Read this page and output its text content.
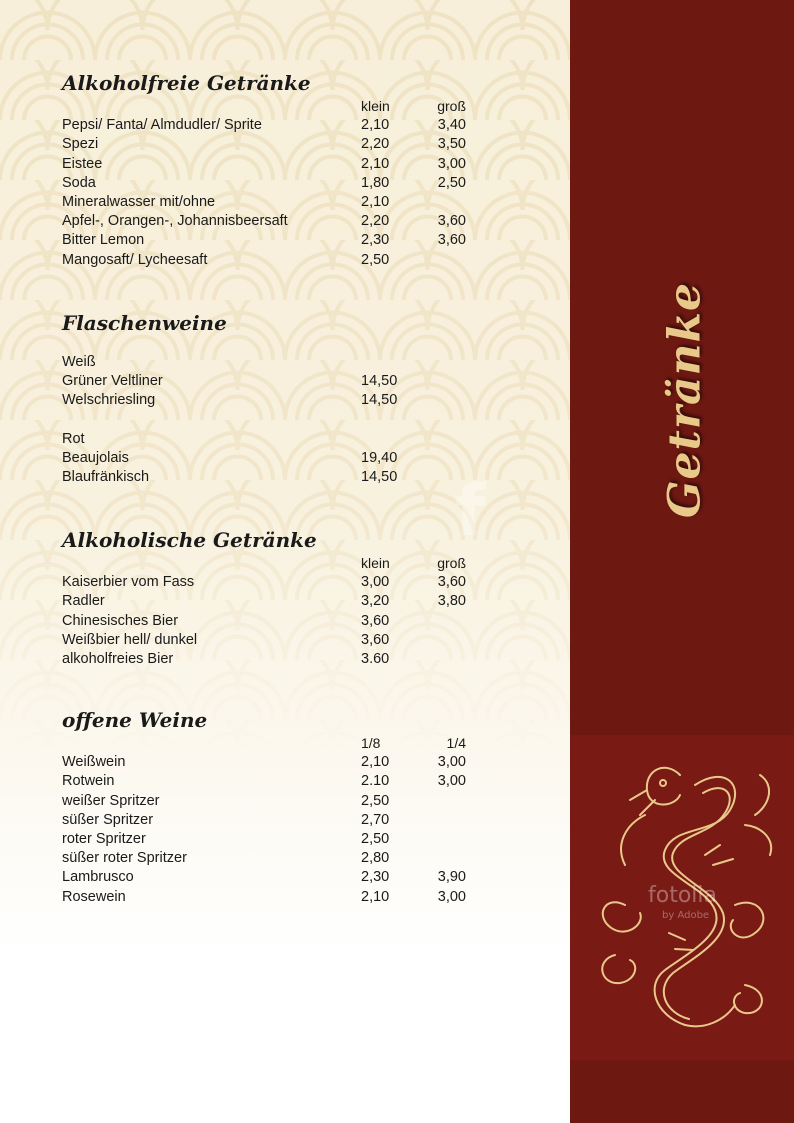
f	Getränke
fotolia
by Adobe
Alkoholfreie Getränke
klein	groß
Pepsi/ Fanta/ Almdudler/ Sprite	2,10	3,40
Spezi	2,20	3,50
Eistee	2,10	3,00
Soda	1,80	2,50
Mineralwasser mit/ohne	2,10
Apfel-, Orangen-, Johannisbeersaft	2,20	3,60
Bitter Lemon	2,30	3,60
Mangosaft/ Lycheesaft	2,50
Flaschenweine
Weiß
Grüner Veltliner	14,50
Welschriesling	14,50
Rot
Beaujolais	19,40
Blaufränkisch	14,50
Alkoholische Getränke
klein	groß
Kaiserbier vom Fass	3,00	3,60
Radler	3,20	3,80
Chinesisches Bier	3,60
Weißbier hell/ dunkel	3,60
alkoholfreies Bier	3.60
offene Weine
1/8	1/4
Weißwein	2,10	3,00
Rotwein	2.10	3,00
weißer Spritzer	2,50
süßer Spritzer	2,70
roter Spritzer	2,50
süßer roter Spritzer	2,80
Lambrusco	2,30	3,90
Rosewein	2,10	3,00
